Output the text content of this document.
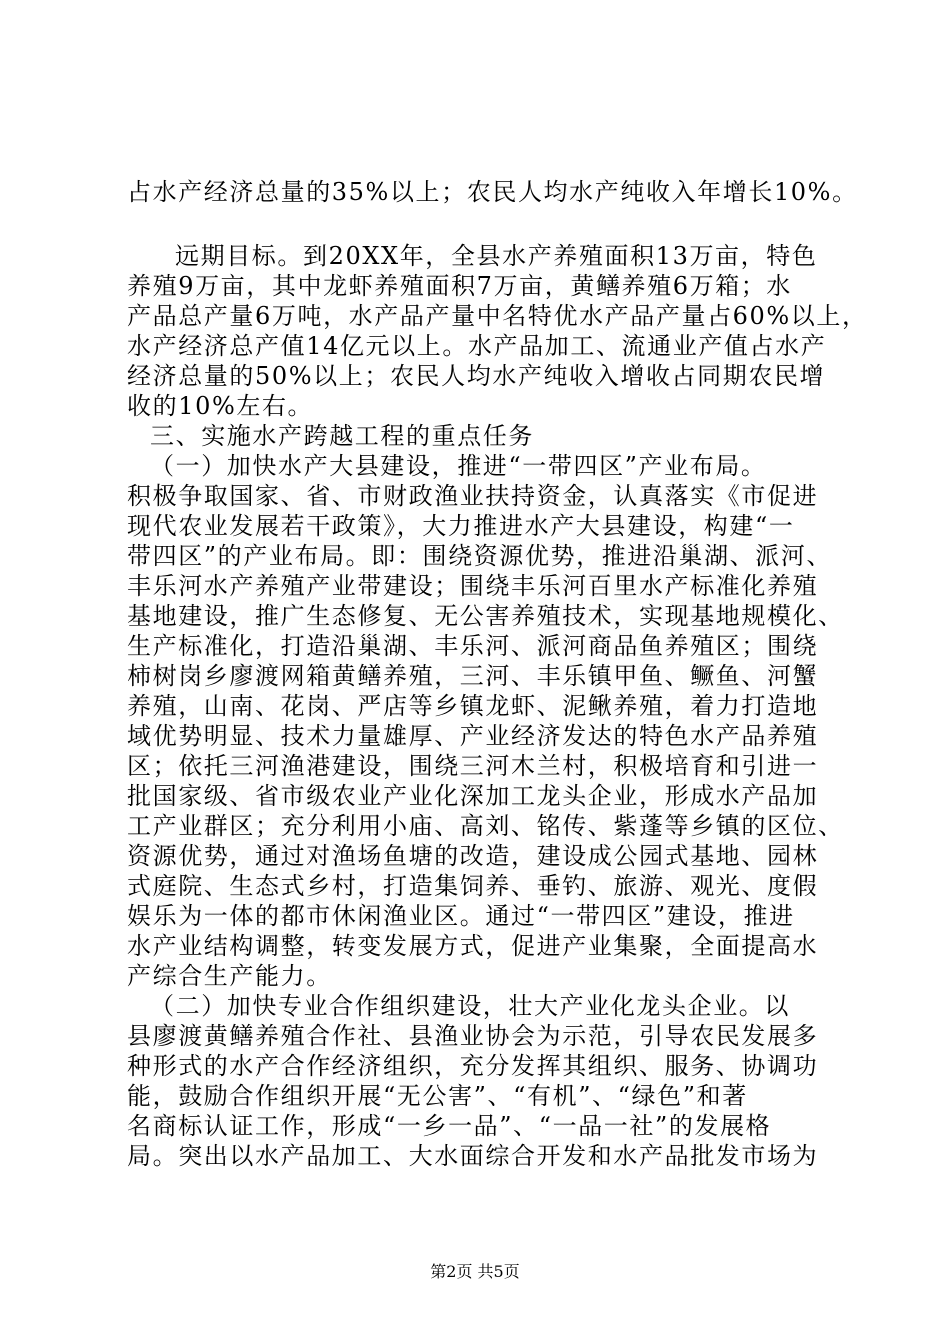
占水产经济总量的35%以上；农民人均水产纯收入年增长10%。
远期目标。到20XX年，全县水产养殖面积13万亩，特色
养殖9万亩，其中龙虾养殖面积7万亩，黄鳝养殖6万箱；水
产品总产量6万吨，水产品产量中名特优水产品产量占60%以上，
水产经济总产值14亿元以上。水产品加工、流通业产值占水产
经济总量的50%以上；农民人均水产纯收入增收占同期农民增
收的10%左右。
三、实施水产跨越工程的重点任务
（一）加快水产大县建设，推进“一带四区”产业布局。
积极争取国家、省、市财政渔业扶持资金，认真落实《市促进
现代农业发展若干政策》，大力推进水产大县建设，构建“一
带四区”的产业布局。即：围绕资源优势，推进沿巢湖、派河、
丰乐河水产养殖产业带建设；围绕丰乐河百里水产标准化养殖
基地建设，推广生态修复、无公害养殖技术，实现基地规模化、
生产标准化，打造沿巢湖、丰乐河、派河商品鱼养殖区；围绕
柿树岗乡廖渡网箱黄鳝养殖，三河、丰乐镇甲鱼、鳜鱼、河蟹
养殖，山南、花岗、严店等乡镇龙虾、泥鳅养殖，着力打造地
域优势明显、技术力量雄厚、产业经济发达的特色水产品养殖
区；依托三河渔港建设，围绕三河木兰村，积极培育和引进一
批国家级、省市级农业产业化深加工龙头企业，形成水产品加
工产业群区；充分利用小庙、高刘、铭传、紫蓬等乡镇的区位、
资源优势，通过对渔场鱼塘的改造，建设成公园式基地、园林
式庭院、生态式乡村，打造集饲养、垂钓、旅游、观光、度假
娱乐为一体的都市休闲渔业区。通过“一带四区”建设，推进
水产业结构调整，转变发展方式，促进产业集聚，全面提高水
产综合生产能力。
（二）加快专业合作组织建设，壮大产业化龙头企业。以
县廖渡黄鳝养殖合作社、县渔业协会为示范，引导农民发展多
种形式的水产合作经济组织，充分发挥其组织、服务、协调功
能，鼓励合作组织开展“无公害”、“有机”、“绿色”和著
名商标认证工作，形成“一乡一品”、“一品一社”的发展格
局。突出以水产品加工、大水面综合开发和水产品批发市场为
第2页 共5页
